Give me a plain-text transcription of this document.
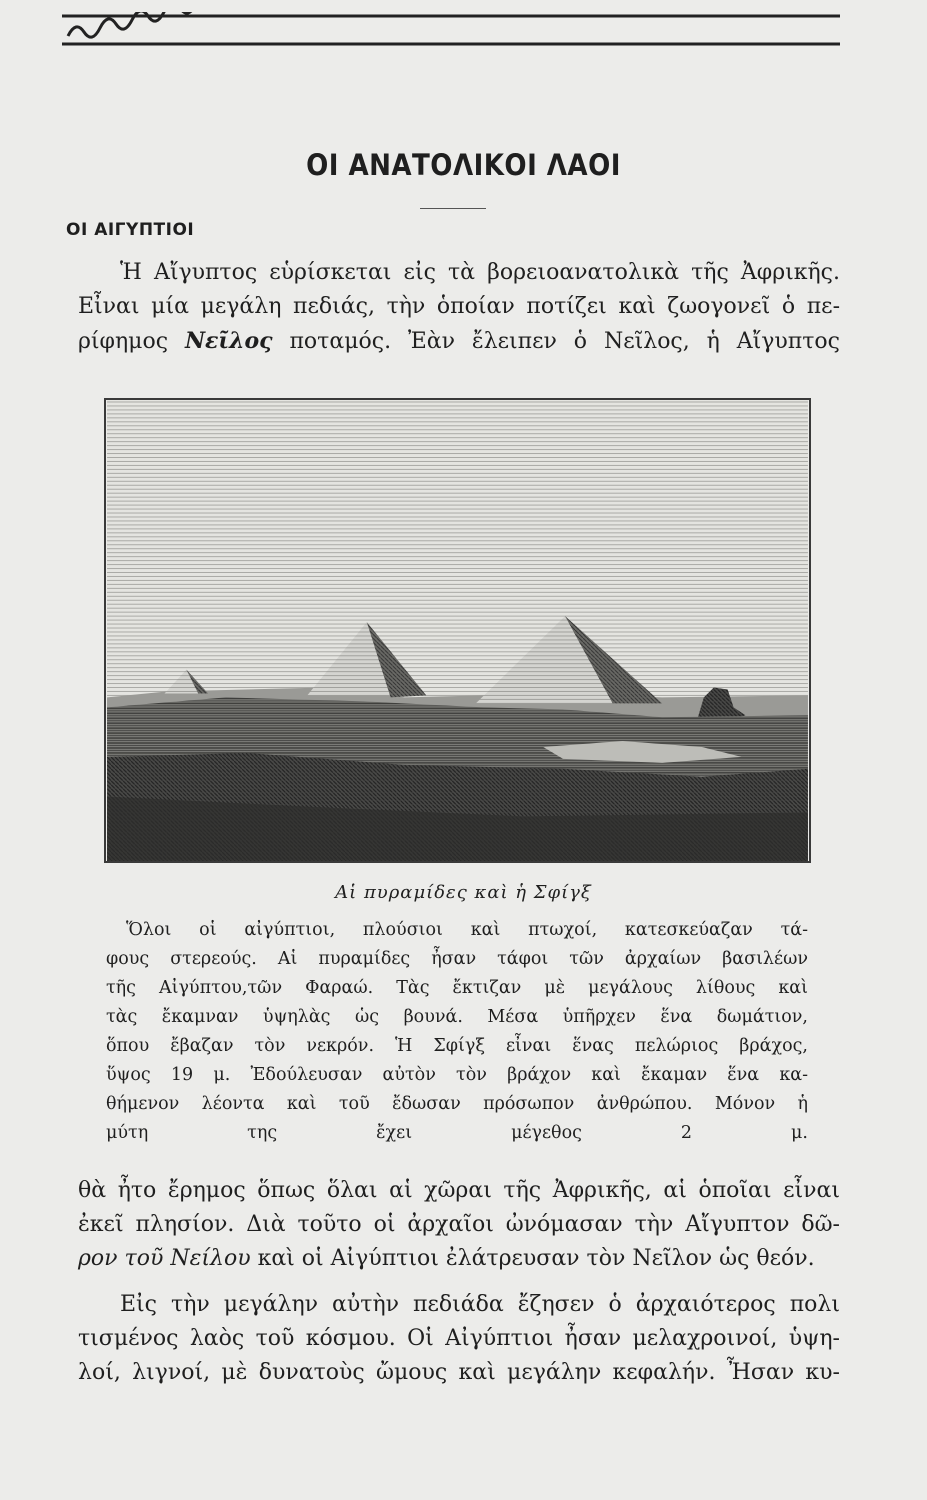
ΟΙ ΑΝΑΤΟΛΙΚΟΙ ΛΑΟΙ
ΟΙ ΑΙΓΥΠΤΙΟΙ
Ἡ Αἴγυπτος εὑρίσκεται εἰς τὰ βορειοανατολικὰ τῆς Ἀφρικῆς.
Εἶναι μία μεγάλη πεδιάς, τὴν ὁποίαν ποτίζει καὶ ζωογονεῖ ὁ πε-
ρίφημος Νεῖλος ποταμός. Ἐὰν ἔλειπεν ὁ Νεῖλος, ἡ Αἴγυπτος
Αἱ πυραμίδες καὶ ἡ Σφίγξ
Ὅλοι οἱ αἰγύπτιοι, πλούσιοι καὶ πτωχοί, κατεσκεύαζαν τά-
φους στερεούς. Αἱ πυραμίδες ἦσαν τάφοι τῶν ἀρχαίων βασιλέων
τῆς Αἰγύπτου,τῶν Φαραώ. Τὰς ἔκτιζαν μὲ μεγάλους λίθους καὶ
τὰς ἔκαμναν ὑψηλὰς ὡς βουνά. Μέσα ὑπῆρχεν ἕνα δωμάτιον,
ὅπου ἔβαζαν τὸν νεκρόν. Ἡ Σφίγξ εἶναι ἕνας πελώριος βράχος,
ὕψος 19 μ. Ἐδούλευσαν αὐτὸν τὸν βράχον καὶ ἔκαμαν ἕνα κα-
θήμενον λέοντα καὶ τοῦ ἔδωσαν πρόσωπον ἀνθρώπου. Μόνον ἡ
μύτη της ἔχει μέγεθος 2 μ.
θὰ ἦτο ἔρημος ὅπως ὅλαι αἱ χῶραι τῆς Ἀφρικῆς, αἱ ὁποῖαι εἶναι
ἐκεῖ πλησίον. Διὰ τοῦτο οἱ ἀρχαῖοι ὠνόμασαν τὴν Αἴγυπτον δῶ-
ρον τοῦ Νείλου καὶ οἱ Αἰγύπτιοι ἐλάτρευσαν τὸν Νεῖλον ὡς θεόν.
Εἰς τὴν μεγάλην αὐτὴν πεδιάδα ἔζησεν ὁ ἀρχαιότερος πολι
τισμένος λαὸς τοῦ κόσμου. Οἱ Αἰγύπτιοι ἦσαν μελαχροινοί, ὑψη-
λοί, λιγνοί, μὲ δυνατοὺς ὤμους καὶ μεγάλην κεφαλήν. Ἦσαν κυ-
